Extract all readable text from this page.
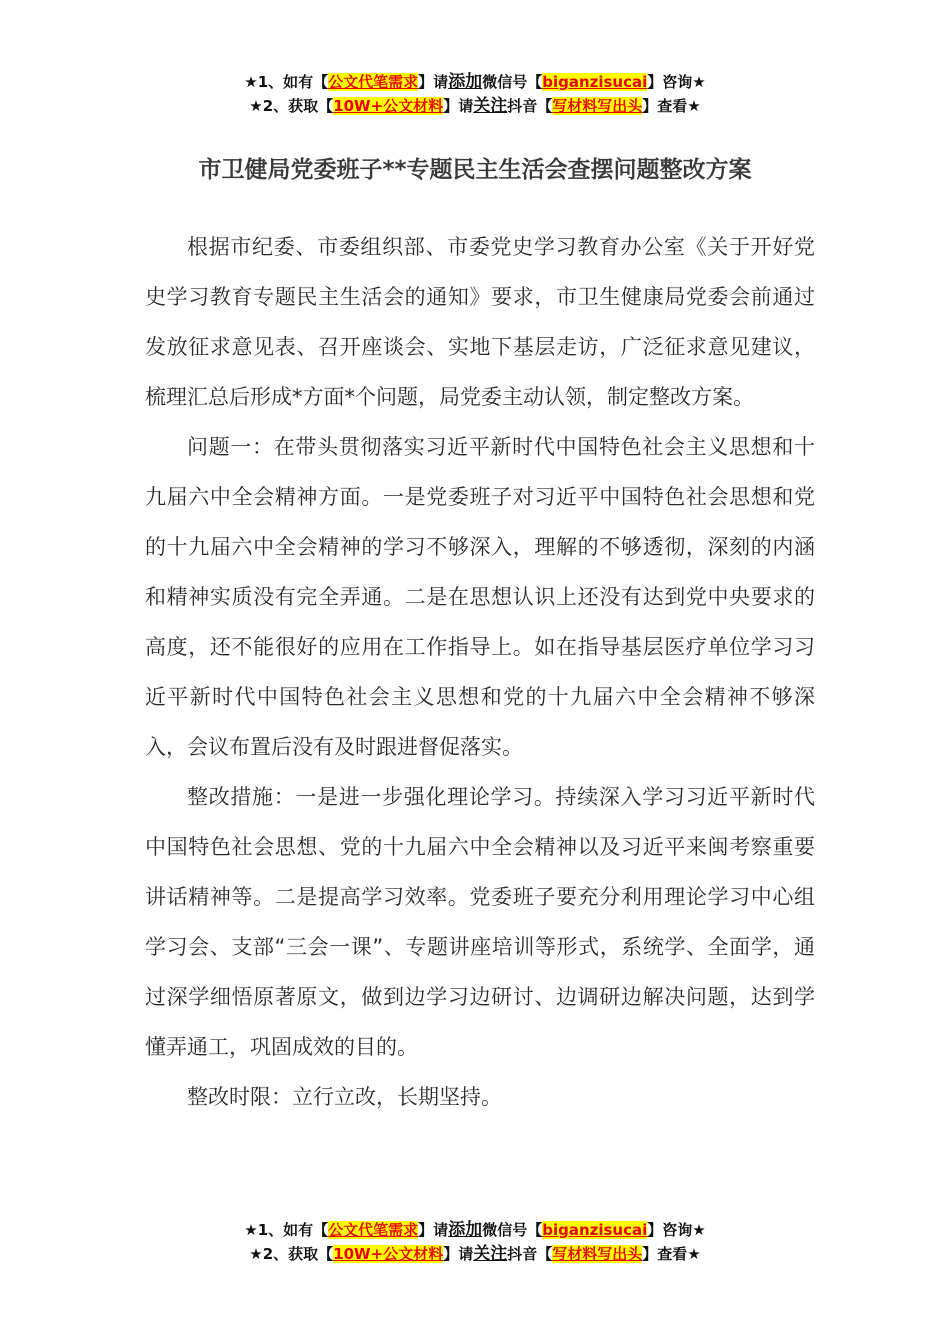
★1、如有【公文代笔需求】请添加微信号【biganzisucai】咨询★
★2、获取【10W+公文材料】请关注抖音【写材料写出头】查看★
市卫健局党委班子**专题民主生活会查摆问题整改方案

根据市纪委、市委组织部、市委党史学习教育办公室《关于开好党史学习教育专题民主生活会的通知》要求，市卫生健康局党委会前通过发放征求意见表、召开座谈会、实地下基层走访，广泛征求意见建议，梳理汇总后形成*方面*个问题，局党委主动认领，制定整改方案。

问题一：在带头贯彻落实习近平新时代中国特色社会主义思想和十九届六中全会精神方面。一是党委班子对习近平中国特色社会思想和党的十九届六中全会精神的学习不够深入，理解的不够透彻，深刻的内涵和精神实质没有完全弄通。二是在思想认识上还没有达到党中央要求的高度，还不能很好的应用在工作指导上。如在指导基层医疗单位学习习近平新时代中国特色社会主义思想和党的十九届六中全会精神不够深入，会议布置后没有及时跟进督促落实。

整改措施：一是进一步强化理论学习。持续深入学习习近平新时代中国特色社会思想、党的十九届六中全会精神以及习近平来闽考察重要讲话精神等。二是提高学习效率。党委班子要充分利用理论学习中心组学习会、支部“三会一课”、专题讲座培训等形式，系统学、全面学，通过深学细悟原著原文，做到边学习边研讨、边调研边解决问题，达到学懂弄通工，巩固成效的目的。

整改时限：立行立改，长期坚持。

★1、如有【公文代笔需求】请添加微信号【biganzisucai】咨询★
★2、获取【10W+公文材料】请关注抖音【写材料写出头】查看★
